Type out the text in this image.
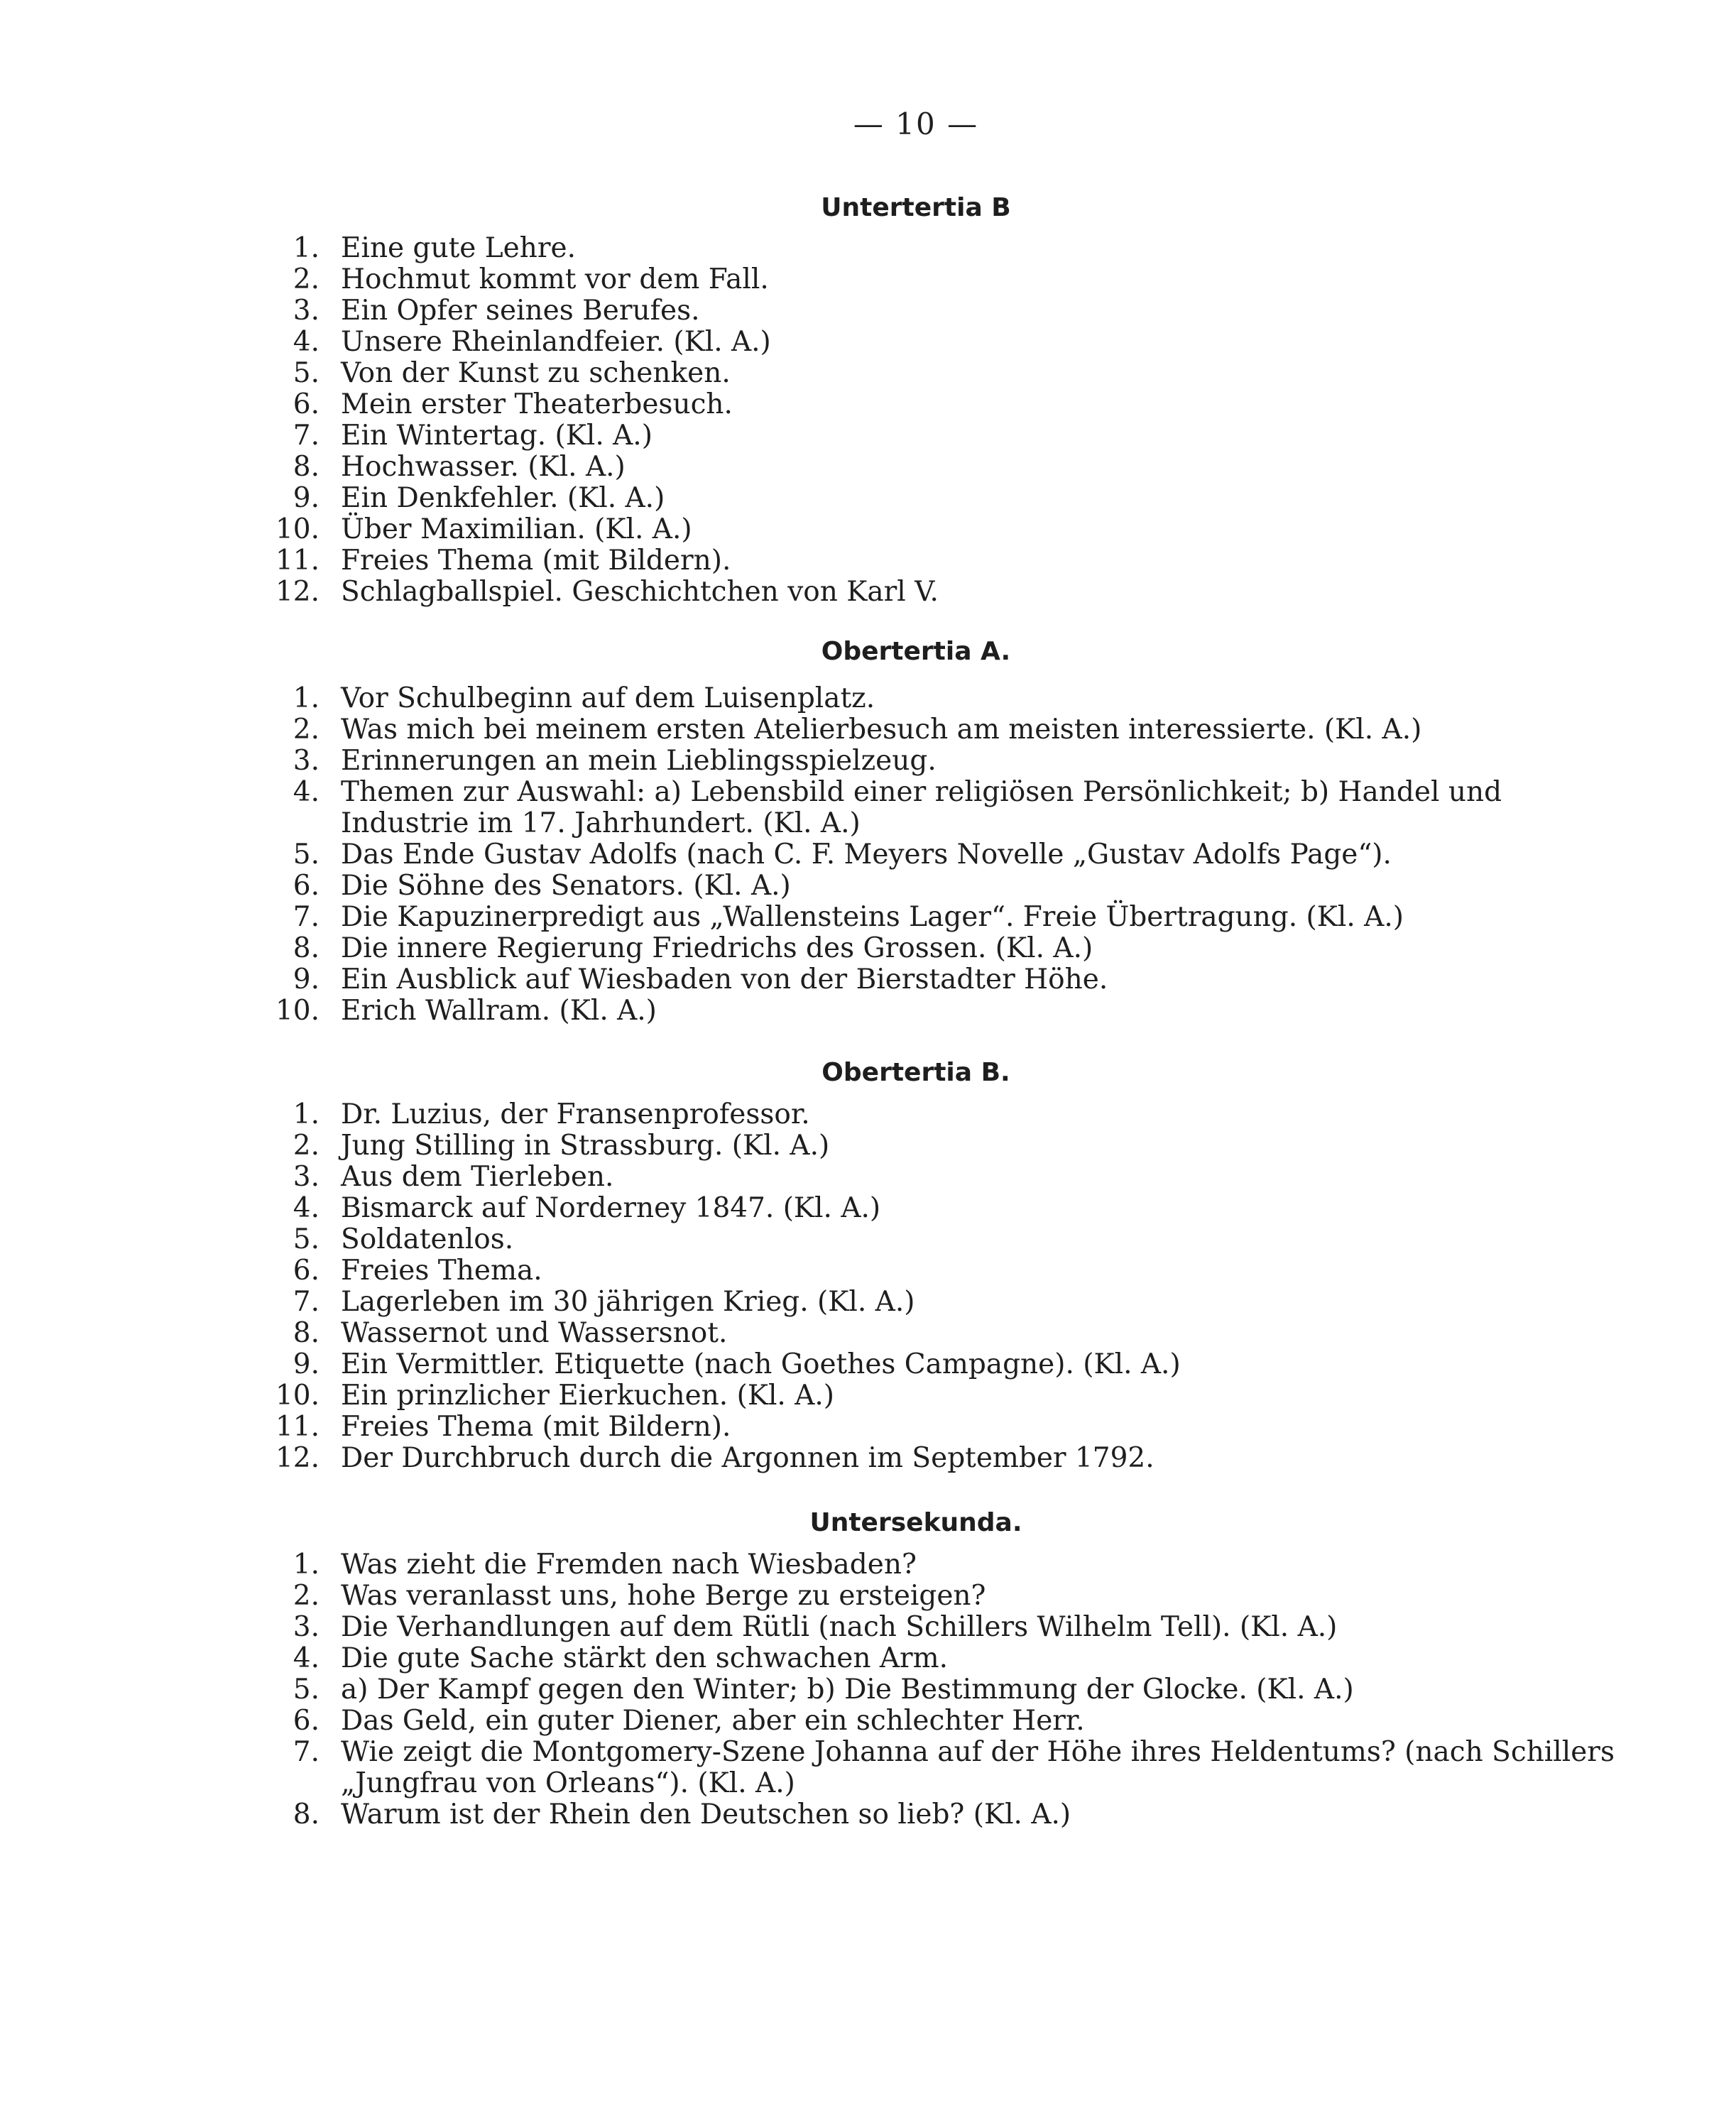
— 10 —
Untertertia B
1. Eine gute Lehre.
2. Hochmut kommt vor dem Fall.
3. Ein Opfer seines Berufes.
4. Unsere Rheinlandfeier. (Kl. A.)
5. Von der Kunst zu schenken.
6. Mein erster Theaterbesuch.
7. Ein Wintertag. (Kl. A.)
8. Hochwasser. (Kl. A.)
9. Ein Denkfehler. (Kl. A.)
10. Über Maximilian. (Kl. A.)
11. Freies Thema (mit Bildern).
12. Schlagballspiel. Geschichtchen von Karl V.
Obertertia A.
1. Vor Schulbeginn auf dem Luisenplatz.
2. Was mich bei meinem ersten Atelierbesuch am meisten interessierte. (Kl. A.)
3. Erinnerungen an mein Lieblingsspielzeug.
4. Themen zur Auswahl: a) Lebensbild einer religiösen Persönlichkeit; b) Handel und Industrie im 17. Jahrhundert. (Kl. A.)
5. Das Ende Gustav Adolfs (nach C. F. Meyers Novelle „Gustav Adolfs Page“).
6. Die Söhne des Senators. (Kl. A.)
7. Die Kapuzinerpredigt aus „Wallensteins Lager“. Freie Übertragung. (Kl. A.)
8. Die innere Regierung Friedrichs des Grossen. (Kl. A.)
9. Ein Ausblick auf Wiesbaden von der Bierstadter Höhe.
10. Erich Wallram. (Kl. A.)
Obertertia B.
1. Dr. Luzius, der Fransenprofessor.
2. Jung Stilling in Strassburg. (Kl. A.)
3. Aus dem Tierleben.
4. Bismarck auf Norderney 1847. (Kl. A.)
5. Soldatenlos.
6. Freies Thema.
7. Lagerleben im 30 jährigen Krieg. (Kl. A.)
8. Wassernot und Wassersnot.
9. Ein Vermittler. Etiquette (nach Goethes Campagne). (Kl. A.)
10. Ein prinzlicher Eierkuchen. (Kl. A.)
11. Freies Thema (mit Bildern).
12. Der Durchbruch durch die Argonnen im September 1792.
Untersekunda.
1. Was zieht die Fremden nach Wiesbaden?
2. Was veranlasst uns, hohe Berge zu ersteigen?
3. Die Verhandlungen auf dem Rütli (nach Schillers Wilhelm Tell). (Kl. A.)
4. Die gute Sache stärkt den schwachen Arm.
5. a) Der Kampf gegen den Winter; b) Die Bestimmung der Glocke. (Kl. A.)
6. Das Geld, ein guter Diener, aber ein schlechter Herr.
7. Wie zeigt die Montgomery-Szene Johanna auf der Höhe ihres Heldentums? (nach Schillers „Jungfrau von Orleans“). (Kl. A.)
8. Warum ist der Rhein den Deutschen so lieb? (Kl. A.)
